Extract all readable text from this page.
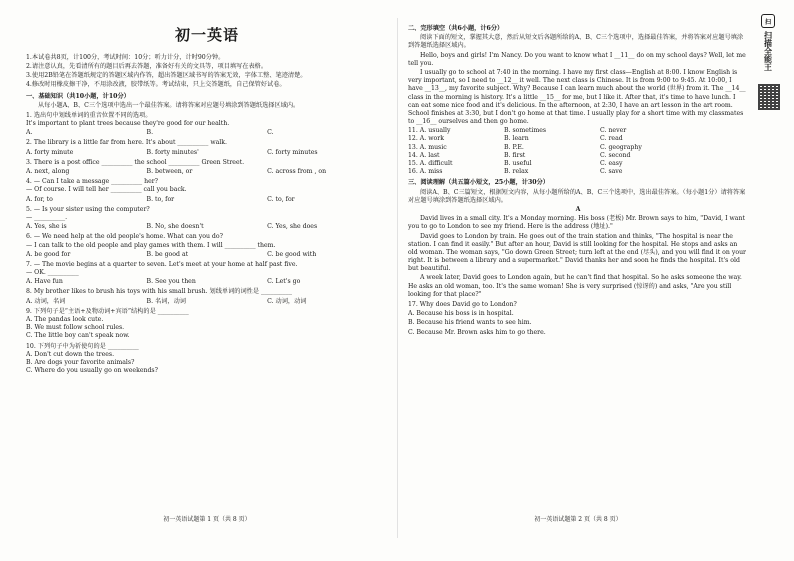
初一英语
1.本试卷共8页，计100分，考试时间：10分；听力计分，计时90分钟。
2.请注意认真，先看清所有的题目后再去答题，准备好有关的文具等，项目填写在表格。
3.使用2B铅笔在答题纸规定的答题区域内作答，超出答题区域书写的答案无效，字体工整、笔迹清楚。
4.修改时用橡皮擦干净，不用涂改液，胶带纸等。考试结束，只上交答题纸，自己保管好试卷。
一、基础知识（共10小题，计10分）
从每小题A、B、C三个选项中选出一个最佳答案。请将答案对应题号填涂到答题纸选择区域内。
1. 选出句中划线单词的重音位置不同的选项。
It's important to plant trees because they're good for our health.
A.	B.	C.
2. The library is a little far from here. It's about __________ walk.
A. forty minute	B. forty minutes'	C. forty minutes
3. There is a post office __________ the school __________ Green Street.
A. next, along	B. between, or	C. across from , on
4. — Can I take a message __________ her?
— Of course. I will tell her __________ call you back.
A. for, to	B. to, for	C. to, for
5. — Is your sister using the computer?
— __________.
A. Yes, she is	B. No, she doesn't	C. Yes, she does
6. — We need help at the old people's home. What can you do?
— I can talk to the old people and play games with them. I will __________ them.
A. be good for	B. be good at	C. be good with
7. — The movie begins at a quarter to seven. Let's meet at your home at half past five.
— OK. __________
A. Have fun	B. See you then	C. Let's go
8. My brother likes to brush his toys with his small brush. 划线单词的词性是 __________
A. 动词，名词	B. 名词，动词	C. 动词，动词
9. 下列句子是“主语+及物动词+宾语”结构的是 __________
A. The pandas look cute.
B. We must follow school rules.
C. The little boy can't speak now.
10. 下列句子中为祈使句的是 __________
A. Don't cut down the trees.
B. Are dogs your favorite animals?
C. Where do you usually go on weekends?
初一英语试题第 1 页（共 8 页）
二、完形填空（共6小题，计6分）
阅读下面的短文，掌握其大意，然后从短文后各题所给的A、B、C三个选项中，选择最佳答案，并将答案对应题号填涂到答题纸选择区域内。
Hello, boys and girls! I'm Nancy. Do you want to know what I __11__ do on my school days? Well, let me tell you.
I usually go to school at 7:40 in the morning. I have my first class—English at 8:00. I know English is very important, so I need to __12__ it well. The next class is Chinese. It is from 9:00 to 9:45. At 10:00, I have __13__, my favorite subject. Why? Because I can learn much about the world (世界) from it. The __14__ class in the morning is history. It's a little __15__ for me, but I like it. After that, it's time to have lunch. I can eat some nice food and it's delicious. In the afternoon, at 2:30, I have an art lesson in the art room. School finishes at 3:30, but I don't go home at that time. I usually play for a short time with my classmates to __16__ ourselves and then go home.
11. A. usually	B. sometimes	C. never
12. A. work	B. learn	C. read
13. A. music	B. P.E.	C. geography
14. A. last	B. first	C. second
15. A. difficult	B. useful	C. easy
16. A. miss	B. relax	C. save
三、阅读理解（共五篇小短文，25小题，计30分）
阅读A、B、C三篇短文，根据短文内容，从每小题所给的A、B、C三个选项中，选出最佳答案。（每小题1分）请将答案对应题号填涂到答题纸选择区域内。
A
David lives in a small city. It's a Monday morning. His boss (老板) Mr. Brown says to him, "David, I want you to go to London to see my friend. Here is the address (地址)."
David goes to London by train. He goes out of the train station and thinks, "The hospital is near the station. I can find it easily." But after an hour, David is still looking for the hospital. He stops and asks an old woman. The woman says, "Go down Green Street; turn left at the end (尽头), and you will find it on your right. It is between a library and a supermarket." David thanks her and soon he finds the hospital. It's old but beautiful.
A week later, David goes to London again, but he can't find that hospital. So he asks someone the way. He asks an old woman, too. It's the same woman! She is very surprised (惊讶的) and asks, "Are you still looking for that place?"
17. Why does David go to London?
A. Because his boss is in hospital.
B. Because his friend wants to see him.
C. Because Mr. Brown asks him to go there.
初一英语试题第 2 页（共 8 页）
扫
扫描全能王
